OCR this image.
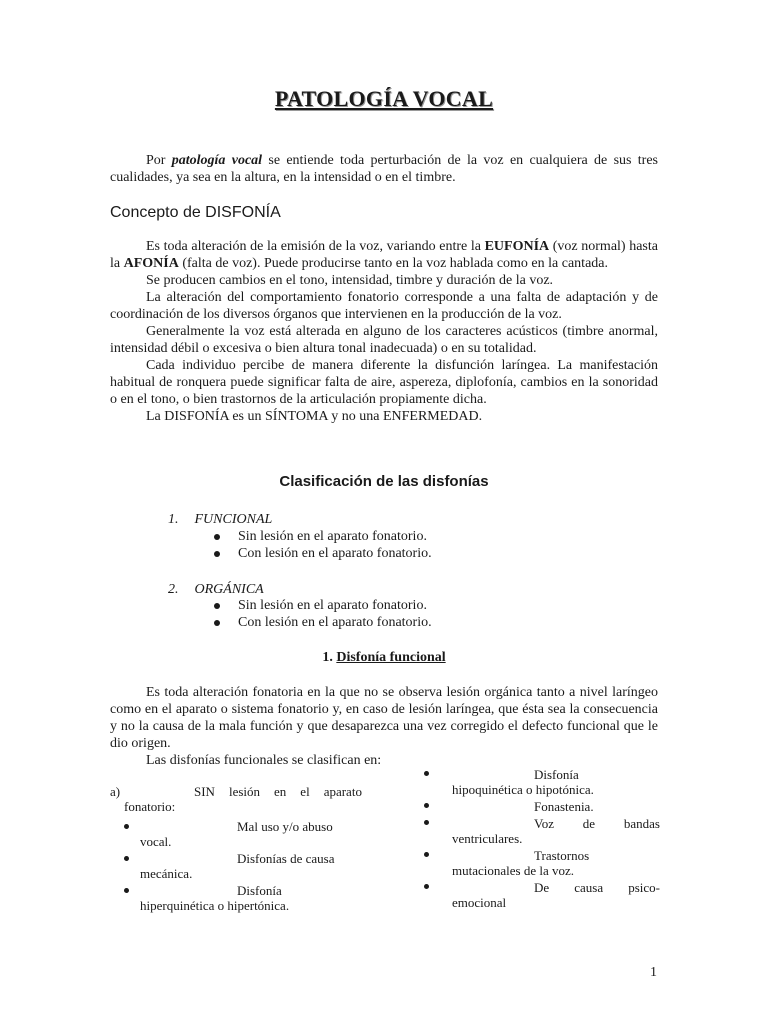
PATOLOGÍA VOCAL

Por patología vocal se entiende toda perturbación de la voz en cualquiera de sus tres cualidades, ya sea en la altura, en la intensidad o en el timbre.

Concepto de DISFONÍA

Es toda alteración de la emisión de la voz, variando entre la EUFONÍA (voz normal) hasta la AFONÍA (falta de voz). Puede producirse tanto en la voz hablada como en la cantada.

Se producen cambios en el tono, intensidad, timbre y duración de la voz.

La alteración del comportamiento fonatorio corresponde a una falta de adaptación y de coordinación de los diversos órganos que intervienen en la producción de la voz.

Generalmente la voz está alterada en alguno de los caracteres acústicos (timbre anormal, intensidad débil o excesiva o bien altura tonal inadecuada) o en su totalidad.

Cada individuo percibe de manera diferente la disfunción laríngea. La manifestación habitual de ronquera puede significar falta de aire, aspereza, diplofonía, cambios en la sonoridad o en el tono, o bien trastornos de la articulación propiamente dicha.

La DISFONÍA es un SÍNTOMA y no una ENFERMEDAD.

Clasificación de las disfonías
1. FUNCIONAL
Sin lesión en el aparato fonatorio.
Con lesión en el aparato fonatorio.
2. ORGÁNICA
Sin lesión en el aparato fonatorio.
Con lesión en el aparato fonatorio.
1. Disfonía funcional

Es toda alteración fonatoria en la que no se observa lesión orgánica tanto a nivel laríngeo como en el aparato o sistema fonatorio y, en caso de lesión laríngea, que ésta sea la consecuencia y no la causa de la mala función y que desaparezca una vez corregido el defecto funcional que le dio origen.

Las disfonías funcionales se clasifican en:

a)	SIN lesión en el aparato
fonatorio:
Mal uso y/o abuso
vocal.
Disfonías de causa
mecánica.
Disfonía
hiperquinética o hipertónica.
Disfonía
hipoquinética o hipotónica.
Fonastenia.
Voz de bandas
ventriculares.
Trastornos
mutacionales de la voz.
De causa psico-
emocional
1
